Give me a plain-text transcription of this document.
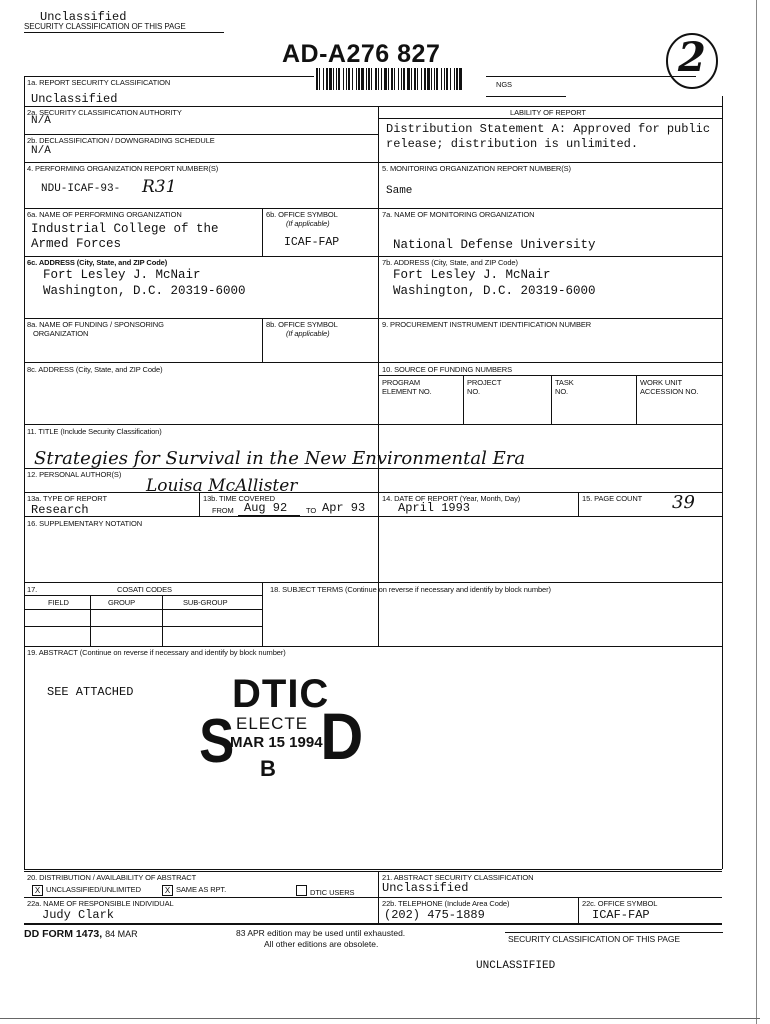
Unclassified
SECURITY CLASSIFICATION OF THIS PAGE
AD-A276 827
NGS
2
1a. REPORT SECURITY CLASSIFICATION
Unclassified
2a. SECURITY CLASSIFICATION AUTHORITY
N/A
LABILITY OF REPORT
Distribution Statement A: Approved for public
release; distribution is unlimited.
2b. DECLASSIFICATION / DOWNGRADING SCHEDULE
N/A
4. PERFORMING ORGANIZATION REPORT NUMBER(S)
NDU-ICAF-93- R31
5. MONITORING ORGANIZATION REPORT NUMBER(S)
Same
6a. NAME OF PERFORMING ORGANIZATION
Industrial College of the
Armed Forces
6b. OFFICE SYMBOL
(If applicable)
ICAF-FAP
7a. NAME OF MONITORING ORGANIZATION
National Defense University
6c. ADDRESS (City, State, and ZIP Code)
Fort Lesley J. McNair
Washington, D.C. 20319-6000
7b. ADDRESS (City, State, and ZIP Code)
Fort Lesley J. McNair
Washington, D.C. 20319-6000
8a. NAME OF FUNDING / SPONSORING
ORGANIZATION
8b. OFFICE SYMBOL
(If applicable)
9. PROCUREMENT INSTRUMENT IDENTIFICATION NUMBER
8c. ADDRESS (City, State, and ZIP Code)	10. SOURCE OF FUNDING NUMBERS
PROGRAM
ELEMENT NO.
PROJECT
NO.
TASK
NO.
WORK UNIT
ACCESSION NO.
11. TITLE (Include Security Classification)
Strategies for Survival in the New Environmental Era
12. PERSONAL AUTHOR(S)
Louisa McAllister
13a. TYPE OF REPORT
Research
13b. TIME COVERED
FROM Aug 92	TO Apr 93
14. DATE OF REPORT (Year, Month, Day)
April 1993
15. PAGE COUNT 39
16. SUPPLEMENTARY NOTATION
17.	COSATI CODES
FIELD	GROUP	SUB-GROUP
18. SUBJECT TERMS (Continue on reverse if necessary and identify by block number)
19. ABSTRACT (Continue on reverse if necessary and identify by block number)
SEE ATTACHED DTIC
ELECTE
MAR 15 1994
S D
B
20. DISTRIBUTION / AVAILABILITY OF ABSTRACT
X UNCLASSIFIED/UNLIMITED	X SAME AS RPT.	DTIC USERS
21. ABSTRACT SECURITY CLASSIFICATION
Unclassified
22a. NAME OF RESPONSIBLE INDIVIDUAL
Judy Clark
22b. TELEPHONE (Include Area Code)
(202) 475-1889
22c. OFFICE SYMBOL
ICAF-FAP
DD FORM 1473, 84 MAR	83 APR edition may be used until exhausted.
All other editions are obsolete.	SECURITY CLASSIFICATION OF THIS PAGE
UNCLASSIFIED
